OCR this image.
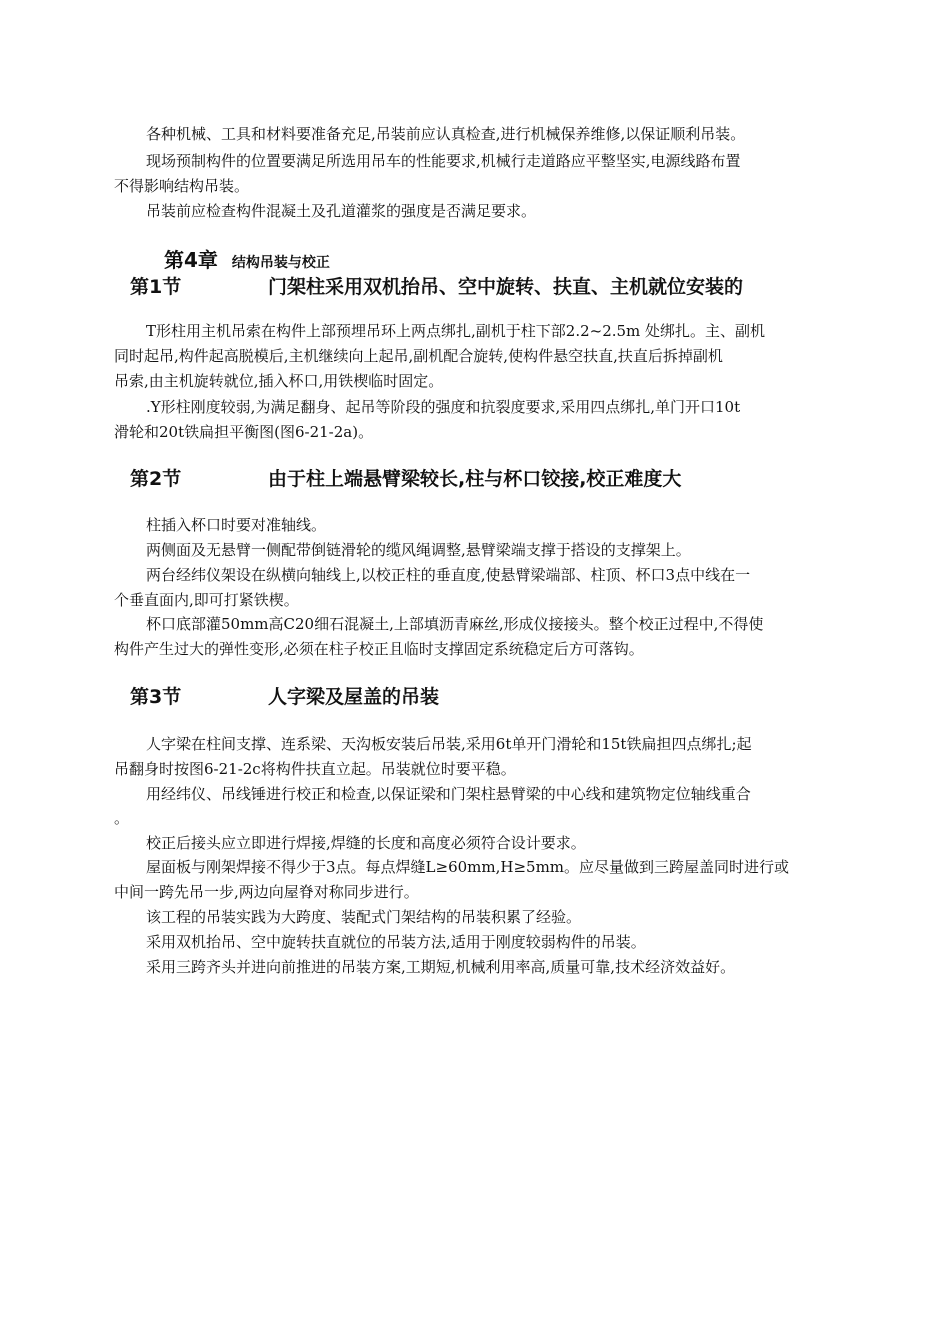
各种机械、工具和材料要准备充足,吊装前应认真检查,进行机械保养维修,以保证顺利吊装。
现场预制构件的位置要满足所选用吊车的性能要求,机械行走道路应平整坚实,电源线路布置
不得影响结构吊装。
吊装前应检查构件混凝土及孔道灌浆的强度是否满足要求。
第4章 结构吊装与校正
第1节	门架柱采用双机抬吊、空中旋转、扶直、主机就位安装的
T形柱用主机吊索在构件上部预埋吊环上两点绑扎,副机于柱下部2.2~2.5m 处绑扎。主、副机
同时起吊,构件起高脱模后,主机继续向上起吊,副机配合旋转,使构件悬空扶直,扶直后拆掉副机
吊索,由主机旋转就位,插入杯口,用铁楔临时固定。
.Y形柱刚度较弱,为满足翻身、起吊等阶段的强度和抗裂度要求,采用四点绑扎,单门开口10t
滑轮和20t铁扁担平衡图(图6-21-2a)。
第2节	由于柱上端悬臂梁较长,柱与杯口铰接,校正难度大
柱插入杯口时要对准轴线。
两侧面及无悬臂一侧配带倒链滑轮的缆风绳调整,悬臂梁端支撑于搭设的支撑架上。
两台经纬仪架设在纵横向轴线上,以校正柱的垂直度,使悬臂梁端部、柱顶、杯口3点中线在一
个垂直面内,即可打紧铁楔。
杯口底部灌50mm高C20细石混凝土,上部填沥青麻丝,形成仪接接头。整个校正过程中,不得使
构件产生过大的弹性变形,必须在柱子校正且临时支撑固定系统稳定后方可落钩。
第3节	人字梁及屋盖的吊装
人字梁在柱间支撑、连系梁、天沟板安装后吊装,采用6t单开门滑轮和15t铁扁担四点绑扎;起
吊翻身时按图6-21-2c将构件扶直立起。吊装就位时要平稳。
用经纬仪、吊线锤进行校正和检查,以保证梁和门架柱悬臂梁的中心线和建筑物定位轴线重合
。
校正后接头应立即进行焊接,焊缝的长度和高度必须符合设计要求。
屋面板与刚架焊接不得少于3点。每点焊缝L≥60mm,H≥5mm。应尽量做到三跨屋盖同时进行或
中间一跨先吊一步,两边向屋脊对称同步进行。
该工程的吊装实践为大跨度、装配式门架结构的吊装积累了经验。
采用双机抬吊、空中旋转扶直就位的吊装方法,适用于刚度较弱构件的吊装。
采用三跨齐头并进向前推进的吊装方案,工期短,机械利用率高,质量可靠,技术经济效益好。
